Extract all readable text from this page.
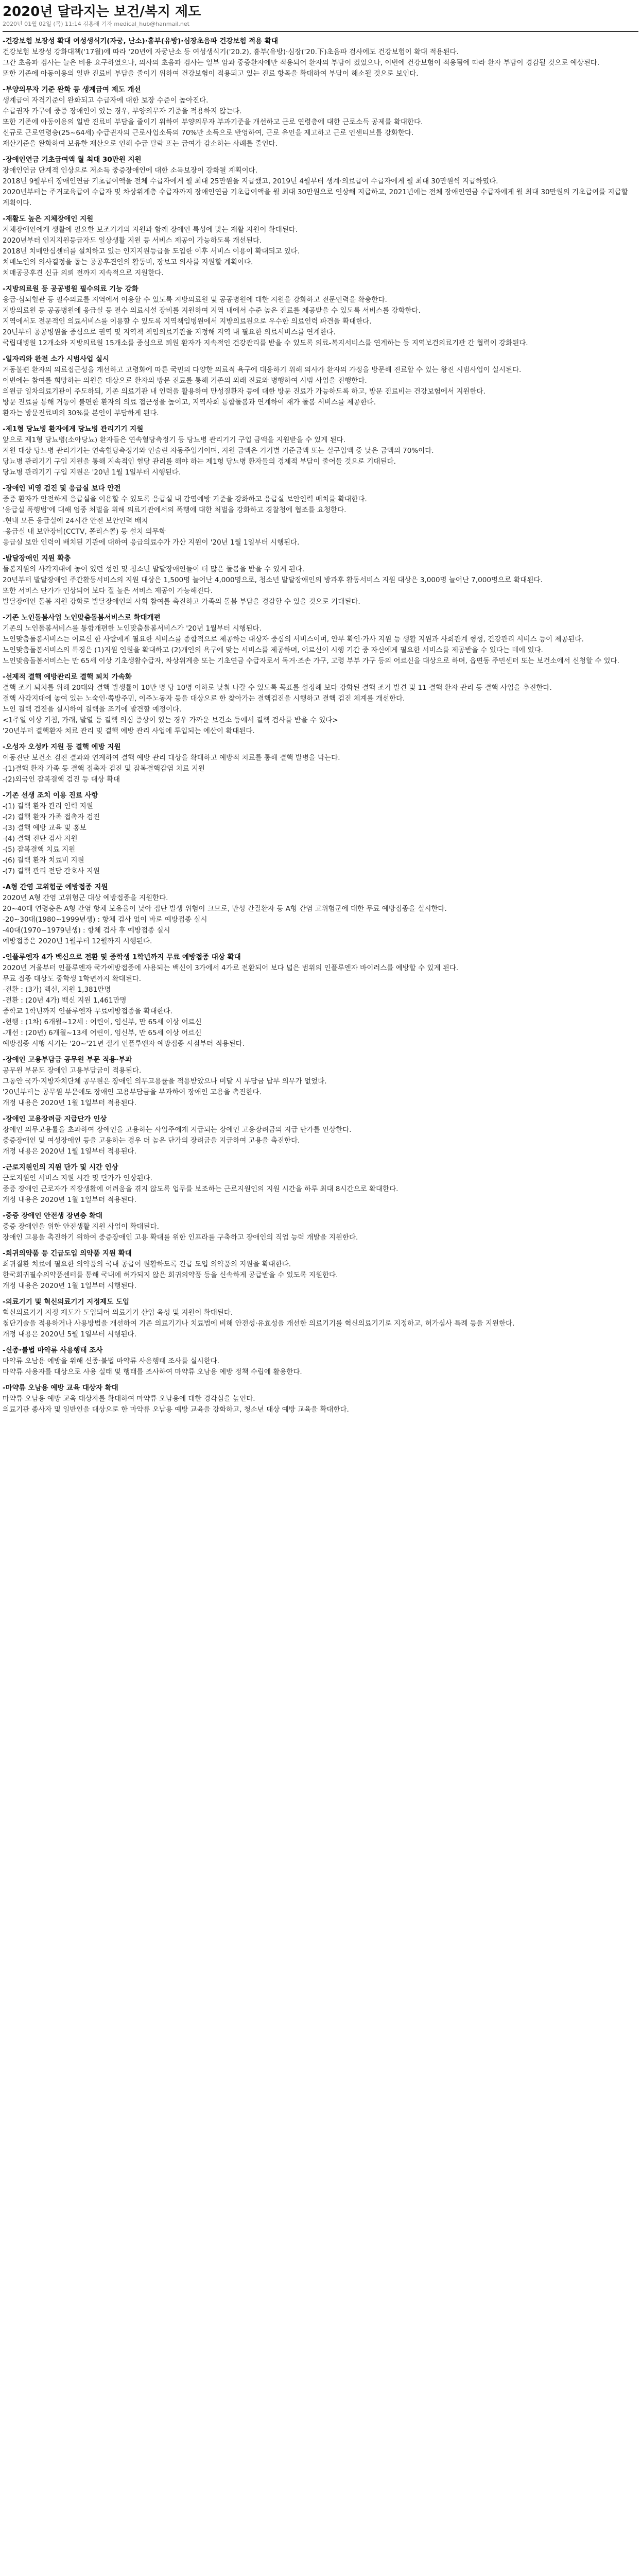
2020년 달라지는 보건/복지 제도
2020년 01월 02일 (목) 11:14 김홍래 기자 medical_hub@hanmail.net

-건강보험 보장성 확대 여성생식기(자궁, 난소)·흉부(유방)·심장초음파 건강보험 적용 확대

건강보험 보장성 강화대책('17월)에 따라 '20년에 자궁난소 등 여성생식기('20.2), 흉부(유방)·심장('20.下)초음파 검사에도 건강보험이 확대 적용된다.

그간 초음파 검사는 늘은 비용 요구하였으나, 의사의 초음파 검사는 일부 암과 중증환자에만 적용되어 환자의 부담이 컸었으나, 이번에 건강보험이 적용됨에 따라 환자 부담이 경감될 것으로 예상된다.

또한 기존에 아동이용의 일반 진료비 부담을 줄이기 위하여 건강보험이 적용되고 있는 진료 항목을 확대하여 부담이 해소될 것으로 보인다.

-부양의무자 기준 완화 등 생계급여 제도 개선

생계급여 자격기준이 완화되고 수급자에 대한 보장 수준이 높아진다.

수급권자 가구에 중증 장애인이 있는 경우, 부양의무자 기준을 적용하지 않는다.

또한 기존에 아동이용의 일반 진료비 부담을 줄이기 위하여 부양의무자 부과기준을 개선하고 근로 연령층에 대한 근로소득 공제를 확대한다.

신규로 근로연령층(25~64세) 수급권자의 근로사업소득의 70%만 소득으로 반영하여, 근로 유인을 제고하고 근로 인센티브를 강화한다.

재산기준을 완화하여 보유한 재산으로 인해 수급 탈락 또는 급여가 감소하는 사례를 줄인다.

-장애인연금 기초급여액 월 최대 30만원 지원

장애인연금 단계적 인상으로 저소득 중증장애인에 대한 소득보장이 강화될 계획이다.

2018년 9월부터 장애인연금 기초급여액을 전체 수급자에게 월 최대 25만원을 지급했고, 2019년 4월부터 생계·의료급여 수급자에게 월 최대 30만원씩 지급하였다.

2020년부터는 주거교육급여 수급자 및 차상위계층 수급자까지 장애인연금 기초급여액을 월 최대 30만원으로 인상해 지급하고, 2021년에는 전체 장애인연금 수급자에게 월 최대 30만원의 기초급여를 지급할 계획이다.

-재활도 높은 지체장애인 지원

지체장애인에게 생활에 필요한 보조기기의 지원과 함께 장애인 특성에 맞는 재활 지원이 확대된다.

2020년부터 인지지원등급자도 일상생활 지원 등 서비스 제공이 가능하도록 개선된다.

2018년 치매안심센터를 설치하고 있는 인지지원등급을 도입한 이후 서비스 이용이 확대되고 있다.

치매노인의 의사결정을 돕는 공공후견인의 활동비, 장보고 의사를 지원할 계획이다.

치매공공후견 신규 의뢰 전까지 지속적으로 지원한다.

-지방의료원 등 공공병원 필수의료 기능 강화

응급·심뇌혈관 등 필수의료를 지역에서 이용할 수 있도록 지방의료원 및 공공병원에 대한 지원을 강화하고 전문인력을 확충한다.

지방의료원 등 공공병원에 응급실 등 필수 의료시설 장비를 지원하여 지역 내에서 수준 높은 진료를 제공받을 수 있도록 서비스를 강화한다.

지역에서도 전문적인 의료서비스를 이용할 수 있도록 지역책임병원에서 지방의료원으로 우수한 의료인력 파견을 확대한다.

20년부터 공공병원을 중심으로 권역 및 지역책 책임의료기관을 지정해 지역 내 필요한 의료서비스를 연계한다.

국립대병원 12개소와 지방의료원 15개소를 중심으로 퇴원 환자가 지속적인 건강관리를 받을 수 있도록 의료-복지서비스를 연계하는 등 지역보건의료기관 간 협력이 강화된다.

-일자리와 완전 소가 시범사업 실시

거동불편 환자의 의료접근성을 개선하고 고령화에 따른 국민의 다양한 의료적 욕구에 대응하기 위해 의사가 환자의 가정을 방문해 진료할 수 있는 왕진 시범사업이 실시된다.

이번에는 참여를 희망하는 의원을 대상으로 환자의 방문 진료를 통해 기존의 외래 진료와 병행하여 시범 사업을 진행한다.

의원급 일차의료기관이 주도하되, 기존 의료기관 내 인력을 활용하여 만성질환자 등에 대한 방문 진료가 가능하도록 하고, 방문 진료비는 건강보험에서 지원한다.

방문 진료를 통해 거동이 불편한 환자의 의료 접근성을 높이고, 지역사회 통합돌봄과 연계하여 재가 돌봄 서비스를 제공한다.

환자는 방문진료비의 30%를 본인이 부담하게 된다.

-제1형 당뇨병 환자에게 당뇨병 관리기기 지원

앞으로 제1형 당뇨병(소아당뇨) 환자들은 연속혈당측정기 등 당뇨병 관리기기 구입 금액을 지원받을 수 있게 된다.

지원 대상 당뇨병 관리기기는 연속혈당측정기와 인슐린 자동주입기이며, 지원 금액은 기기별 기준금액 또는 실구입액 중 낮은 금액의 70%이다.

당뇨병 관리기기 구입 지원을 통해 지속적인 혈당 관리를 해야 하는 제1형 당뇨병 환자들의 경제적 부담이 줄어들 것으로 기대된다.

당뇨병 관리기기 구입 지원은 '20년 1월 1일부터 시행된다.

-장애인 비영 검진 및 응급실 보다 안전

중증 환자가 안전하게 응급실을 이용할 수 있도록 응급실 내 감염예방 기준을 강화하고 응급실 보안인력 배치를 확대한다.

'응급실 폭행범'에 대해 엄중 처벌을 위해 의료기관에서의 폭행에 대한 처벌을 강화하고 경찰청에 협조를 요청한다.

-현내 모든 응급실에 24시간 안전 보안인력 배치

-응급실 내 보안장비(CCTV, 폴리스콜) 등 설치 의무화

응급실 보안 인력이 배치된 기관에 대하여 응급의료수가 가산 지원이 '20년 1월 1일부터 시행된다.

-발달장애인 지원 확충

돌봄지원의 사각지대에 놓여 있던 성인 및 청소년 발달장애인들이 더 많은 돌봄을 받을 수 있게 된다.

20년부터 발달장애인 주간활동서비스의 지원 대상은 1,500명 늘어난 4,000명으로, 청소년 발달장애인의 방과후 활동서비스 지원 대상은 3,000명 늘어난 7,000명으로 확대된다.

또한 서비스 단가가 인상되어 보다 질 높은 서비스 제공이 가능해진다.

발달장애인 돌봄 지원 강화로 발달장애인의 사회 참여를 촉진하고 가족의 돌봄 부담을 경감할 수 있을 것으로 기대된다.

-기존 노인돌봄사업 노인맞춤돌봄서비스로 확대개편

기존의 노인돌봄서비스를 통합개편한 노인맞춤돌봄서비스가 '20년 1월부터 시행된다.

노인맞춤돌봄서비스는 어르신 한 사람에게 필요한 서비스를 종합적으로 제공하는 대상자 중심의 서비스이며, 안부 확인·가사 지원 등 생활 지원과 사회관계 형성, 건강관리 서비스 등이 제공된다.

노인맞춤돌봄서비스의 특징은 (1)지원 인원을 확대하고 (2)개인의 욕구에 맞는 서비스를 제공하며, 어르신이 시행 기간 중 자신에게 필요한 서비스를 제공받을 수 있다는 데에 있다.

노인맞춤돌봄서비스는 만 65세 이상 기초생활수급자, 차상위계층 또는 기초연금 수급자로서 독거·조손 가구, 고령 부부 가구 등의 어르신을 대상으로 하며, 읍면동 주민센터 또는 보건소에서 신청할 수 있다.

-선제적 결핵 예방관리로 결핵 퇴치 가속화

결핵 조기 퇴치를 위해 20대와 결핵 발생률이 10만 명 당 10명 이하로 낮춰 나갈 수 있도록 목표를 설정해 보다 강화된 결핵 조기 발견 및 11 결핵 환자 관리 등 결핵 사업을 추진한다.

결핵 사각지대에 놓여 있는 노숙인·쪽방주민, 이주노동자 등을 대상으로 한 찾아가는 결핵검진을 시행하고 결핵 검진 체계를 개선한다.

노인 결핵 검진을 실시하여 결핵을 조기에 발견할 예정이다.

<1주일 이상 기침, 가래, 발열 등 결핵 의심 증상이 있는 경우 가까운 보건소 등에서 결핵 검사를 받을 수 있다>

'20년부터 결핵환자 치료 관리 및 결핵 예방 관리 사업에 투입되는 예산이 확대된다.

-오성자 오성카 지원 등 결핵 예방 지원

이동진단 보건소 검진 결과와 연계하여 결핵 예방 관리 대상을 확대하고 예방적 치료를 통해 결핵 발병을 막는다.

-(1)결핵 환자 가족 등 결핵 접촉자 검진 및 잠복결핵감염 치료 지원

-(2)외국인 잠복결핵 검진 등 대상 확대

-기존 선생 조치 이용 진료 사항

-(1) 결핵 환자 관리 인력 지원

-(2) 결핵 환자 가족 접촉자 검진

-(3) 결핵 예방 교육 및 홍보

-(4) 결핵 진단 검사 지원

-(5) 잠복결핵 치료 지원

-(6) 결핵 환자 치료비 지원

-(7) 결핵 관리 전담 간호사 지원

-A형 간염 고위험군 예방접종 지원

2020년 A형 간염 고위험군 대상 예방접종을 지원한다.

20~40대 연령층은 A형 간염 항체 보유율이 낮아 집단 발생 위험이 크므로, 만성 간질환자 등 A형 간염 고위험군에 대한 무료 예방접종을 실시한다.

-20~30대(1980~1999년생) : 항체 검사 없이 바로 예방접종 실시

-40대(1970~1979년생) : 항체 검사 후 예방접종 실시

예방접종은 2020년 1월부터 12월까지 시행된다.

-인플루엔자 4가 백신으로 전환 및 중학생 1학년까지 무료 예방접종 대상 확대

2020년 겨울부터 인플루엔자 국가예방접종에 사용되는 백신이 3가에서 4가로 전환되어 보다 넓은 범위의 인플루엔자 바이러스를 예방할 수 있게 된다.

무료 접종 대상도 중학생 1학년까지 확대된다.

-전환 : (3가) 백신, 지원 1,381만명

-전환 : (20년 4가) 백신 지원 1,461만명

중학교 1학년까지 인플루엔자 무료예방접종을 확대한다.

-현행 : (1차) 6개월~12세 : 어린이, 임신부, 만 65세 이상 어르신

-개선 : (20년) 6개월~13세 어린이, 임신부, 만 65세 이상 어르신

예방접종 시행 시기는 '20~'21년 절기 인플루엔자 예방접종 시점부터 적용된다.

-장애인 고용부담금 공무원 부문 적용·부과

공무원 부문도 장애인 고용부담금이 적용된다.

그동안 국가·지방자치단체 공무원은 장애인 의무고용률을 적용받았으나 미달 시 부담금 납부 의무가 없었다.

'20년부터는 공무원 부문에도 장애인 고용부담금을 부과하여 장애인 고용을 촉진한다.

개정 내용은 2020년 1월 1일부터 적용된다.

-장애인 고용장려금 지급단가 인상

장애인 의무고용률을 초과하여 장애인을 고용하는 사업주에게 지급되는 장애인 고용장려금의 지급 단가를 인상한다.

중증장애인 및 여성장애인 등을 고용하는 경우 더 높은 단가의 장려금을 지급하여 고용을 촉진한다.

개정 내용은 2020년 1월 1일부터 적용된다.

-근로지원인의 지원 단가 및 시간 인상

근로지원인 서비스 지원 시간 및 단가가 인상된다.

중증 장애인 근로자가 직장생활에 어려움을 겪지 않도록 업무를 보조하는 근로지원인의 지원 시간을 하루 최대 8시간으로 확대한다.

개정 내용은 2020년 1월 1일부터 적용된다.

-중증 장애인 안전생 장년층 확대

중증 장애인을 위한 안전생활 지원 사업이 확대된다.

장애인 고용을 촉진하기 위하여 중증장애인 고용 확대를 위한 인프라를 구축하고 장애인의 직업 능력 개발을 지원한다.

-희귀의약품 등 긴급도입 의약품 지원 확대

희귀질환 치료에 필요한 의약품의 국내 공급이 원활하도록 긴급 도입 의약품의 지원을 확대한다.

한국희귀필수의약품센터를 통해 국내에 허가되지 않은 희귀의약품 등을 신속하게 공급받을 수 있도록 지원한다.

개정 내용은 2020년 1월 1일부터 시행된다.

-의료기기 및 혁신의료기기 지정제도 도입

혁신의료기기 지정 제도가 도입되어 의료기기 산업 육성 및 지원이 확대된다.

첨단기술을 적용하거나 사용방법을 개선하여 기존 의료기기나 치료법에 비해 안전성·유효성을 개선한 의료기기를 혁신의료기기로 지정하고, 허가심사 특례 등을 지원한다.

개정 내용은 2020년 5월 1일부터 시행된다.

-신종·불법 마약류 사용행태 조사

마약류 오남용 예방을 위해 신종·불법 마약류 사용행태 조사를 실시한다.

마약류 사용자를 대상으로 사용 실태 및 행태를 조사하여 마약류 오남용 예방 정책 수립에 활용한다.

-마약류 오남용 예방 교육 대상자 확대

마약류 오남용 예방 교육 대상자를 확대하여 마약류 오남용에 대한 경각심을 높인다.

의료기관 종사자 및 일반인을 대상으로 한 마약류 오남용 예방 교육을 강화하고, 청소년 대상 예방 교육을 확대한다.
